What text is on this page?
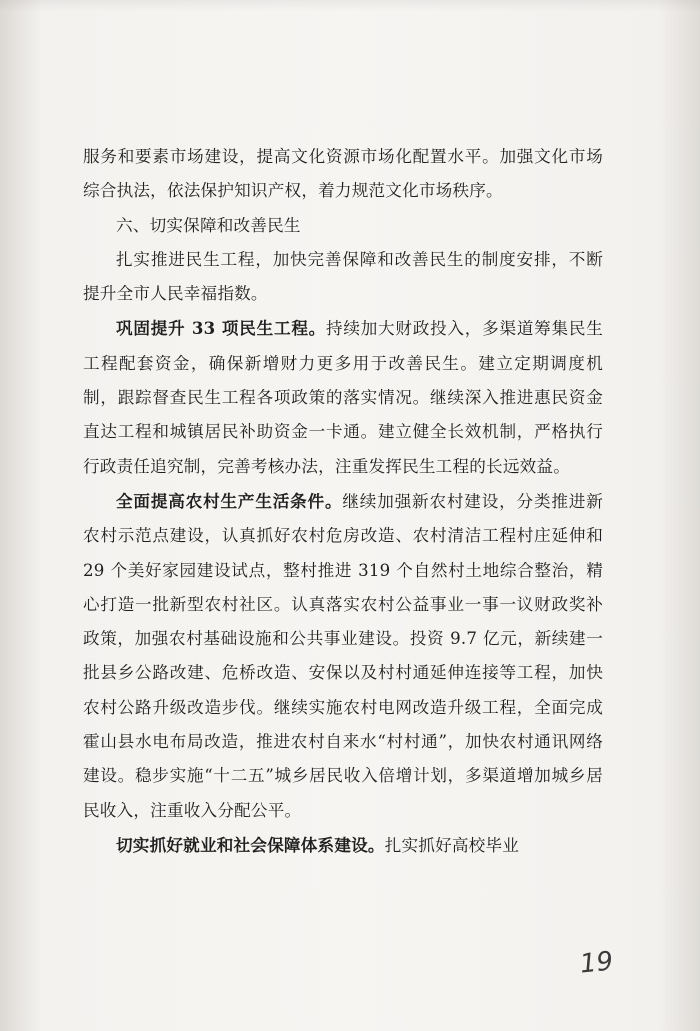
服务和要素市场建设，提高文化资源市场化配置水平。加强文化市场综合执法，依法保护知识产权，着力规范文化市场秩序。

六、切实保障和改善民生

扎实推进民生工程，加快完善保障和改善民生的制度安排，不断提升全市人民幸福指数。

巩固提升 33 项民生工程。持续加大财政投入，多渠道筹集民生工程配套资金，确保新增财力更多用于改善民生。建立定期调度机制，跟踪督查民生工程各项政策的落实情况。继续深入推进惠民资金直达工程和城镇居民补助资金一卡通。建立健全长效机制，严格执行行政责任追究制，完善考核办法，注重发挥民生工程的长远效益。

全面提高农村生产生活条件。继续加强新农村建设，分类推进新农村示范点建设，认真抓好农村危房改造、农村清洁工程村庄延伸和 29 个美好家园建设试点，整村推进 319 个自然村土地综合整治，精心打造一批新型农村社区。认真落实农村公益事业一事一议财政奖补政策，加强农村基础设施和公共事业建设。投资 9.7 亿元，新续建一批县乡公路改建、危桥改造、安保以及村村通延伸连接等工程，加快农村公路升级改造步伐。继续实施农村电网改造升级工程，全面完成霍山县水电布局改造，推进农村自来水“村村通”，加快农村通讯网络建设。稳步实施“十二五”城乡居民收入倍增计划，多渠道增加城乡居民收入，注重收入分配公平。

切实抓好就业和社会保障体系建设。扎实抓好高校毕业

19
